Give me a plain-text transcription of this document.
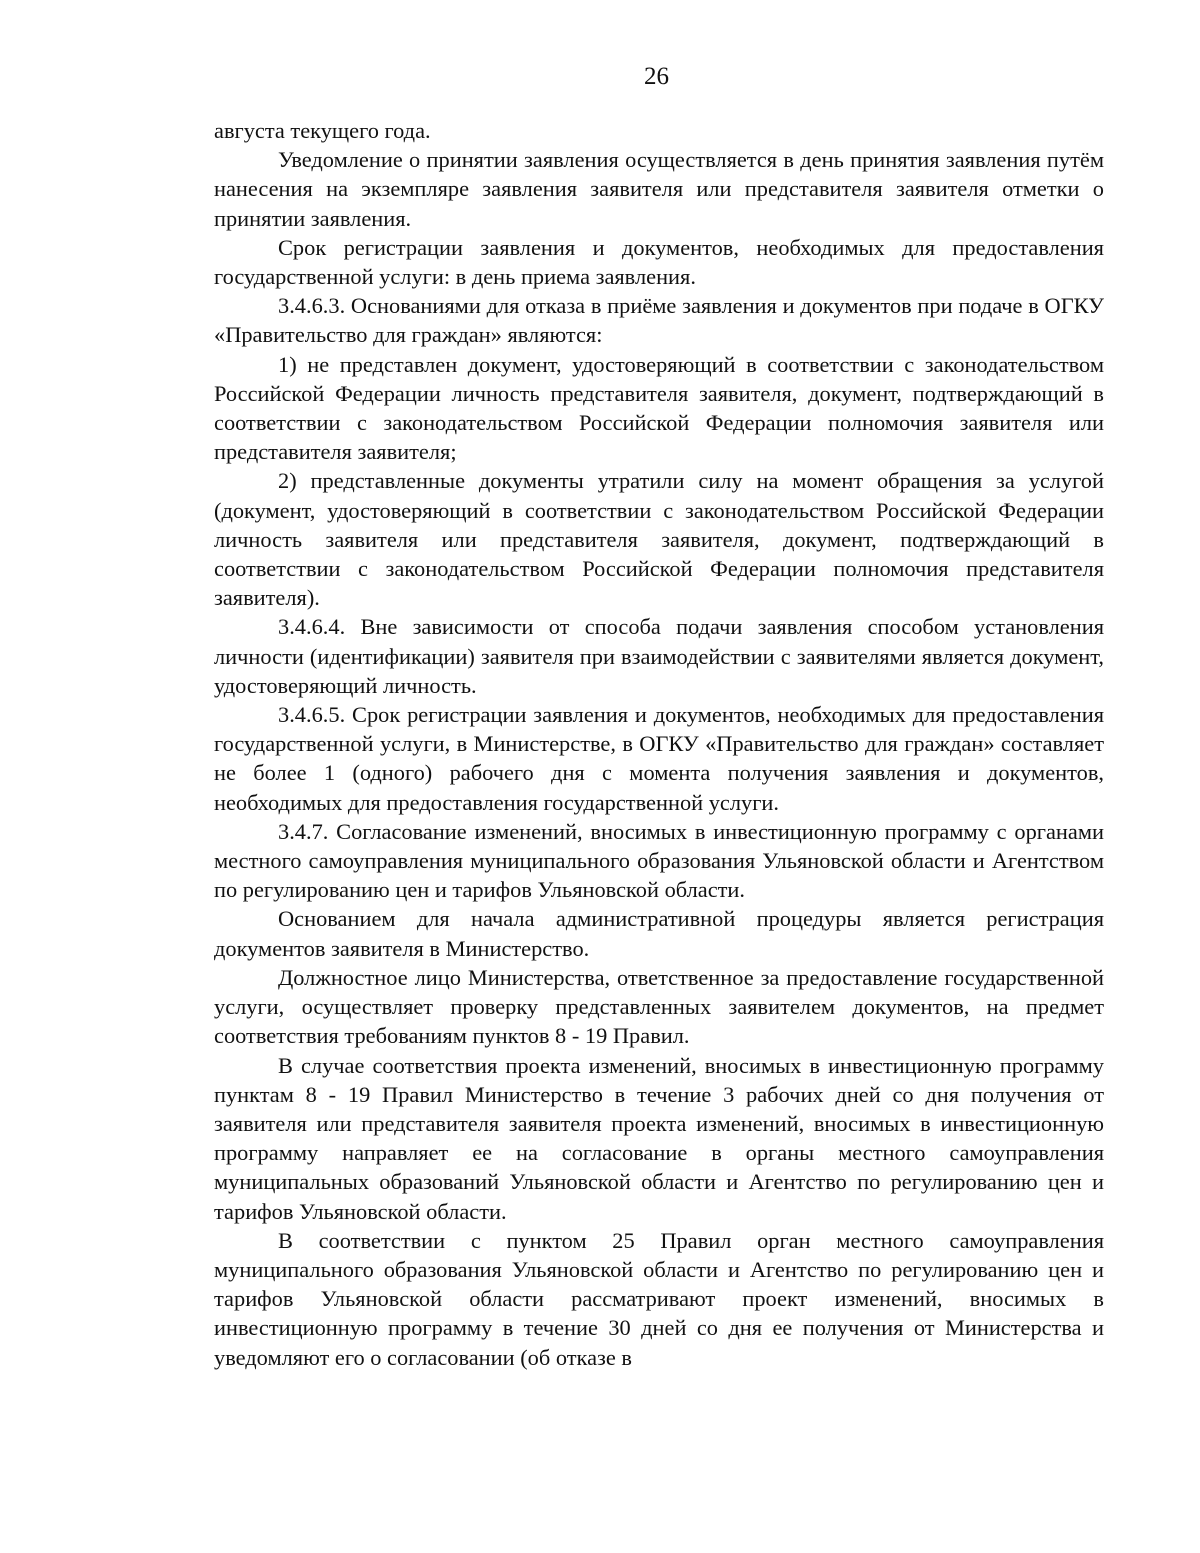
26

августа текущего года.

Уведомление о принятии заявления осуществляется в день принятия заявления путём нанесения на экземпляре заявления заявителя или представителя заявителя отметки о принятии заявления.

Срок регистрации заявления и документов, необходимых для предоставления государственной услуги: в день приема заявления.

3.4.6.3. Основаниями для отказа в приёме заявления и документов при подаче в ОГКУ «Правительство для граждан» являются:

1) не представлен документ, удостоверяющий в соответствии с законодательством Российской Федерации личность представителя заявителя, документ, подтверждающий в соответствии с законодательством Российской Федерации полномочия заявителя или представителя заявителя;

2) представленные документы утратили силу на момент обращения за услугой (документ, удостоверяющий в соответствии с законодательством Российской Федерации личность заявителя или представителя заявителя, документ, подтверждающий в соответствии с законодательством Российской Федерации полномочия представителя заявителя).

3.4.6.4. Вне зависимости от способа подачи заявления способом установления личности (идентификации) заявителя при взаимодействии с заявителями является документ, удостоверяющий личность.

3.4.6.5. Срок регистрации заявления и документов, необходимых для предоставления государственной услуги, в Министерстве, в ОГКУ «Правительство для граждан» составляет не более 1 (одного) рабочего дня с момента получения заявления и документов, необходимых для предоставления государственной услуги.

3.4.7. Согласование изменений, вносимых в инвестиционную программу с органами местного самоуправления муниципального образования Ульяновской области и Агентством по регулированию цен и тарифов Ульяновской области.

Основанием для начала административной процедуры является регистрация документов заявителя в Министерство.

Должностное лицо Министерства, ответственное за предоставление государственной услуги, осуществляет проверку представленных заявителем документов, на предмет соответствия требованиям пунктов 8 - 19 Правил.

В случае соответствия проекта изменений, вносимых в инвестиционную программу пунктам 8 - 19 Правил Министерство в течение 3 рабочих дней со дня получения от заявителя или представителя заявителя проекта изменений, вносимых в инвестиционную программу направляет ее на согласование в органы местного самоуправления муниципальных образований Ульяновской области и Агентство по регулированию цен и тарифов Ульяновской области.

В соответствии с пунктом 25 Правил орган местного самоуправления муниципального образования Ульяновской области и Агентство по регулированию цен и тарифов Ульяновской области рассматривают проект изменений, вносимых в инвестиционную программу в течение 30 дней со дня ее получения от Министерства и уведомляют его о согласовании (об отказе в
